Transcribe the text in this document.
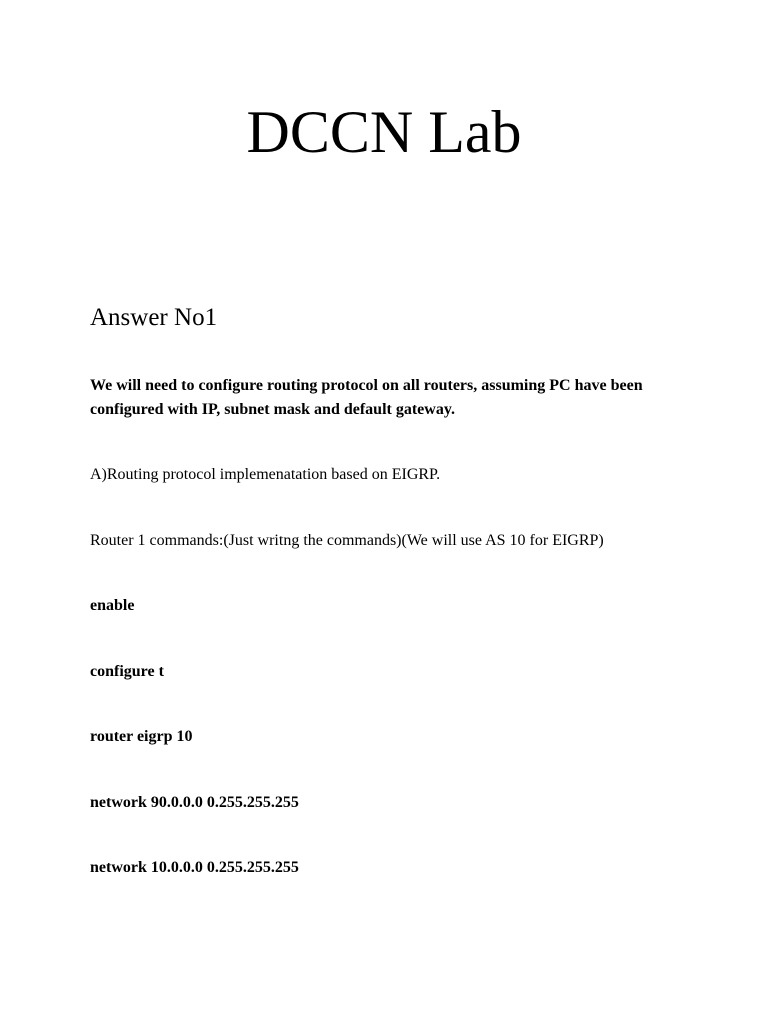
DCCN Lab
Answer No1

We will need to configure routing protocol on all routers, assuming PC have been

configured with IP, subnet mask and default gateway.

A)Routing protocol implemenatation based on EIGRP.

Router 1 commands:(Just writng the commands)(We will use AS 10 for EIGRP)

enable

configure t

router eigrp 10

network 90.0.0.0 0.255.255.255

network 10.0.0.0 0.255.255.255
